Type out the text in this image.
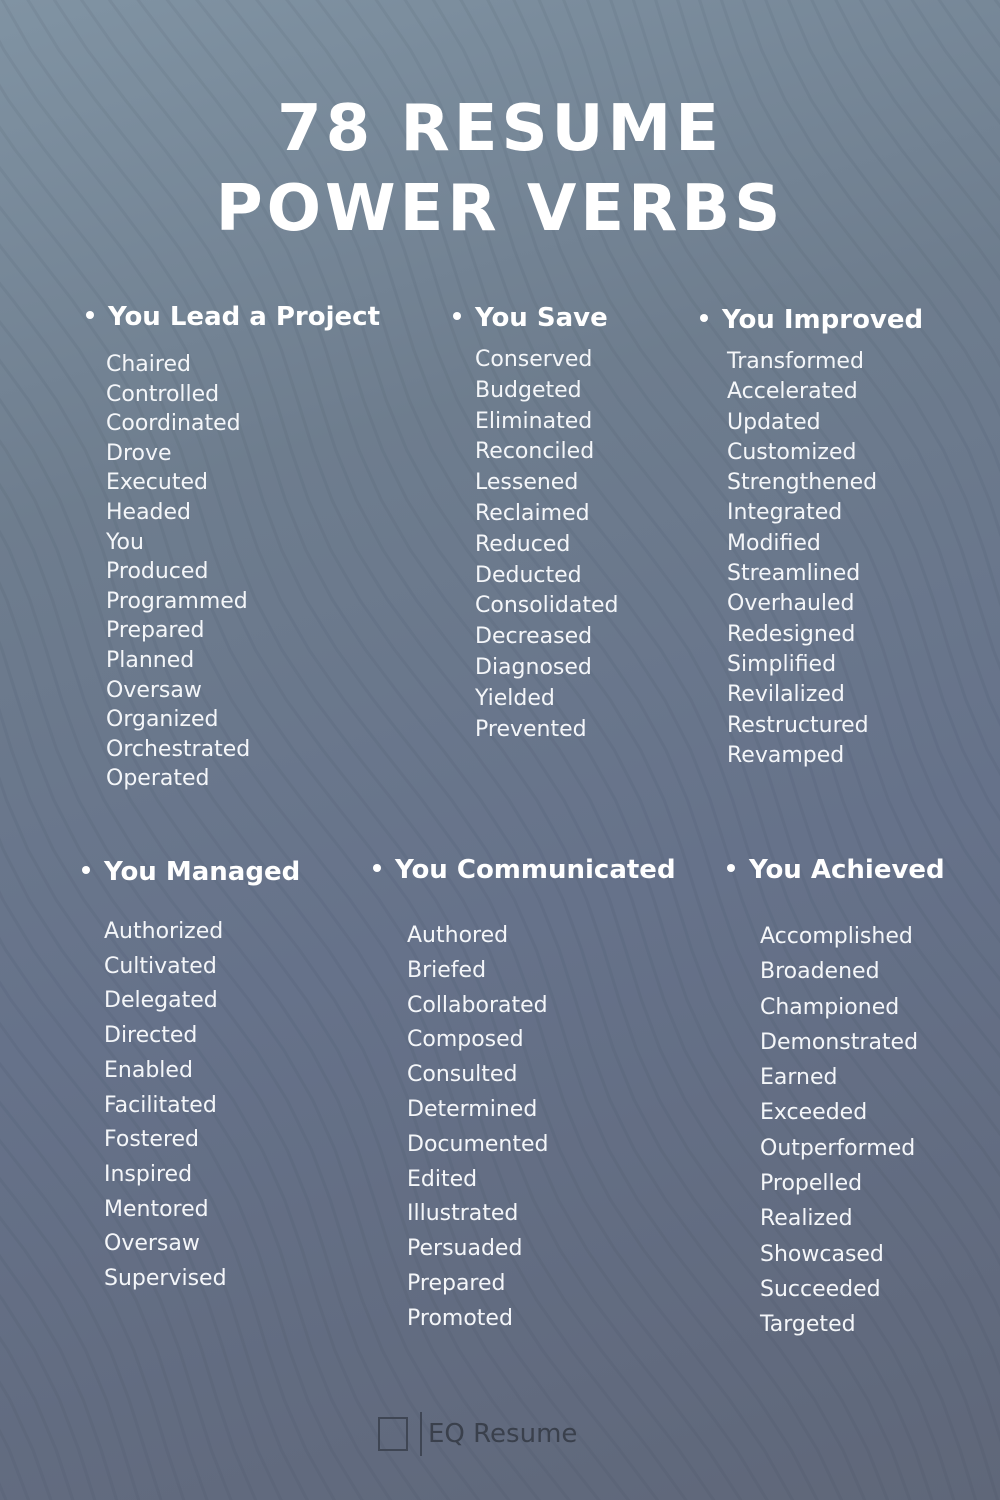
78 RESUME
POWER VERBS
You Lead a Project
Chaired
Controlled
Coordinated
Drove
Executed
Headed
You
Produced
Programmed
Prepared
Planned
Oversaw
Organized
Orchestrated
Operated
You Save
Conserved
Budgeted
Eliminated
Reconciled
Lessened
Reclaimed
Reduced
Deducted
Consolidated
Decreased
Diagnosed
Yielded
Prevented
You Improved
Transformed
Accelerated
Updated
Customized
Strengthened
Integrated
Modified
Streamlined
Overhauled
Redesigned
Simplified
Revilalized
Restructured
Revamped
You Managed
Authorized
Cultivated
Delegated
Directed
Enabled
Facilitated
Fostered
Inspired
Mentored
Oversaw
Supervised
You Communicated
Authored
Briefed
Collaborated
Composed
Consulted
Determined
Documented
Edited
Illustrated
Persuaded
Prepared
Promoted
You Achieved
Accomplished
Broadened
Championed
Demonstrated
Earned
Exceeded
Outperformed
Propelled
Realized
Showcased
Succeeded
Targeted
EQ Resume
